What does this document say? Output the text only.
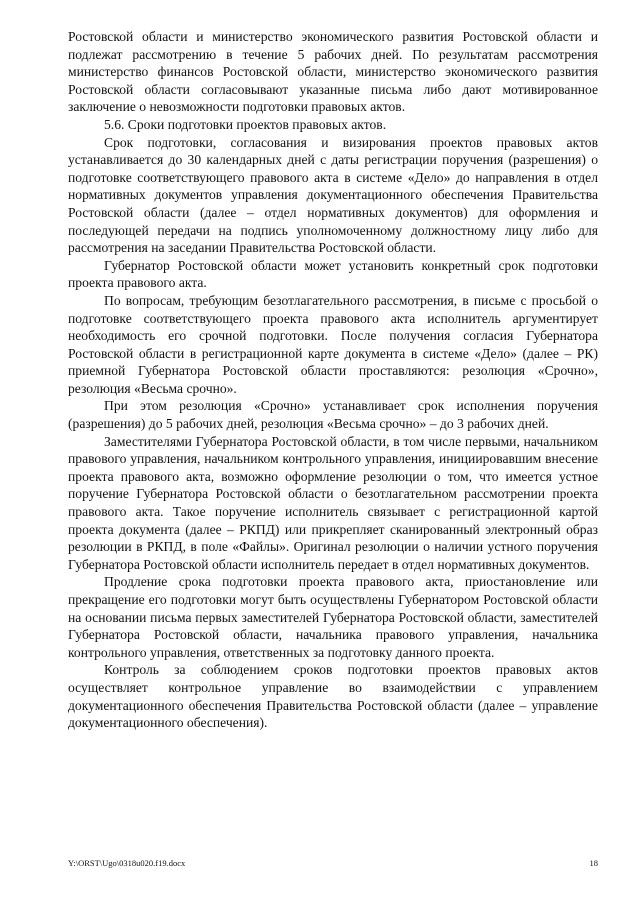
Ростовской области и министерство экономического развития Ростовской области и подлежат рассмотрению в течение 5 рабочих дней. По результатам рассмотрения министерство финансов Ростовской области, министерство экономического развития Ростовской области согласовывают указанные письма либо дают мотивированное заключение о невозможности подготовки правовых актов.

5.6. Сроки подготовки проектов правовых актов.

Срок подготовки, согласования и визирования проектов правовых актов устанавливается до 30 календарных дней с даты регистрации поручения (разрешения) о подготовке соответствующего правового акта в системе «Дело» до направления в отдел нормативных документов управления документационного обеспечения Правительства Ростовской области (далее – отдел нормативных документов) для оформления и последующей передачи на подпись уполномоченному должностному лицу либо для рассмотрения на заседании Правительства Ростовской области.

Губернатор Ростовской области может установить конкретный срок подготовки проекта правового акта.

По вопросам, требующим безотлагательного рассмотрения, в письме с просьбой о подготовке соответствующего проекта правового акта исполнитель аргументирует необходимость его срочной подготовки. После получения согласия Губернатора Ростовской области в регистрационной карте документа в системе «Дело» (далее – РК) приемной Губернатора Ростовской области проставляются: резолюция «Срочно», резолюция «Весьма срочно».

При этом резолюция «Срочно» устанавливает срок исполнения поручения (разрешения) до 5 рабочих дней, резолюция «Весьма срочно» – до 3 рабочих дней.

Заместителями Губернатора Ростовской области, в том числе первыми, начальником правового управления, начальником контрольного управления, инициировавшим внесение проекта правового акта, возможно оформление резолюции о том, что имеется устное поручение Губернатора Ростовской области о безотлагательном рассмотрении проекта правового акта. Такое поручение исполнитель связывает с регистрационной картой проекта документа (далее – РКПД) или прикрепляет сканированный электронный образ резолюции в РКПД, в поле «Файлы». Оригинал резолюции о наличии устного поручения Губернатора Ростовской области исполнитель передает в отдел нормативных документов.

Продление срока подготовки проекта правового акта, приостановление или прекращение его подготовки могут быть осуществлены Губернатором Ростовской области на основании письма первых заместителей Губернатора Ростовской области, заместителей Губернатора Ростовской области, начальника правового управления, начальника контрольного управления, ответственных за подготовку данного проекта.

Контроль за соблюдением сроков подготовки проектов правовых актов осуществляет контрольное управление во взаимодействии с управлением документационного обеспечения Правительства Ростовской области (далее – управление документационного обеспечения).

Y:\ORST\Ugo\0318u020.f19.docx	18
